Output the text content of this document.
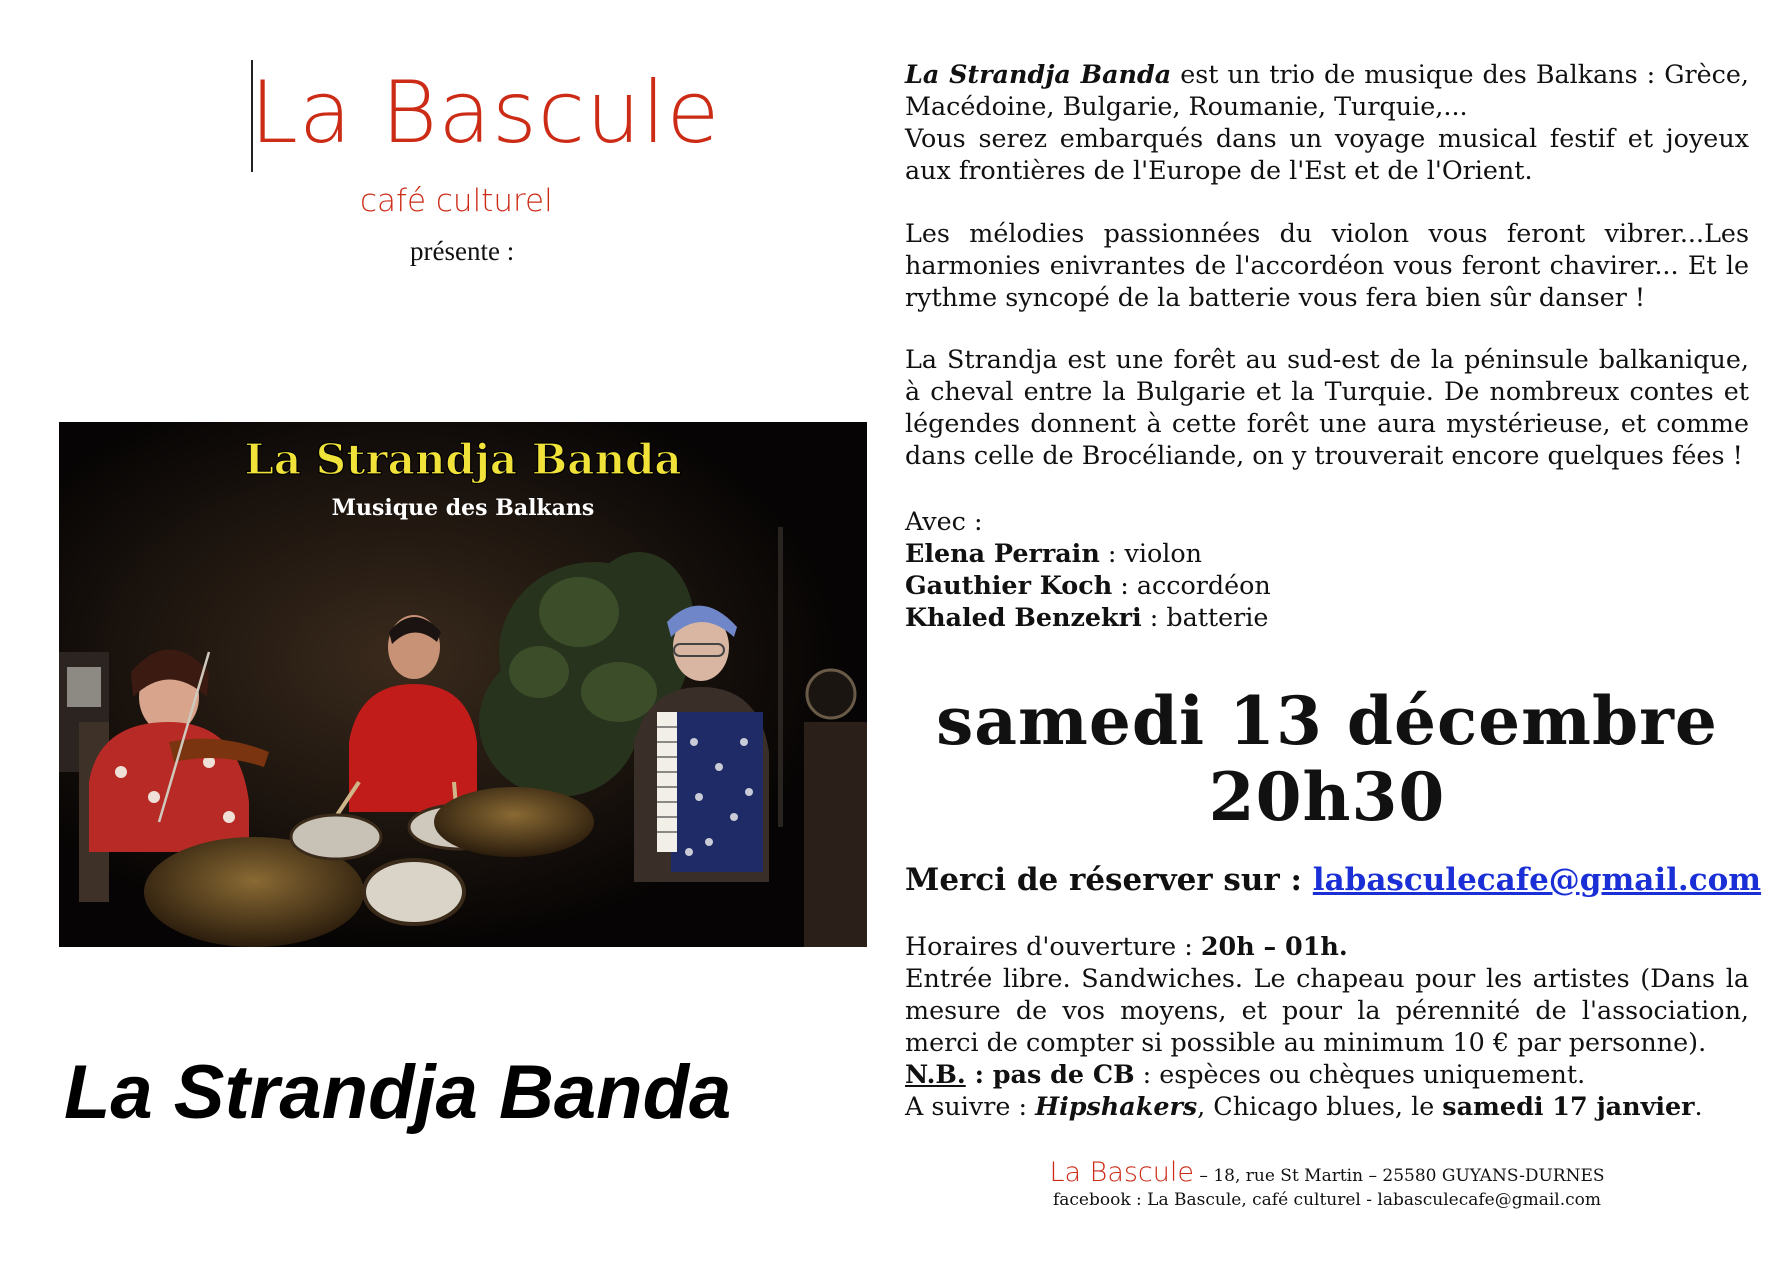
La Bascule
café culturel
présente :
La Strandja Banda
Musique des Balkans
La Strandja Banda

La Strandja Banda est un trio de musique des Balkans : Grèce, Macédoine, Bulgarie, Roumanie, Turquie,...

Vous serez embarqués dans un voyage musical festif et joyeux aux frontières de l'Europe de l'Est et de l'Orient.

Les mélodies passionnées du violon vous feront vibrer...Les harmonies enivrantes de l'accordéon vous feront chavirer... Et le rythme syncopé de la batterie vous fera bien sûr danser !
La Strandja est une forêt au sud-est de la péninsule balkanique, à cheval entre la Bulgarie et la Turquie. De nombreux contes et légendes donnent à cette forêt une aura mystérieuse, et comme dans celle de Brocéliande, on y trouverait encore quelques fées !

Avec :

Elena Perrain : violon

Gauthier Koch : accordéon

Khaled Benzekri : batterie

samedi 13 décembre
20h30
Merci de réserver sur : labasculecafe@gmail.com

Horaires d'ouverture : 20h – 01h.

Entrée libre. Sandwiches. Le chapeau pour les artistes (Dans la mesure de vos moyens, et pour la pérennité de l'association, merci de compter si possible au minimum 10 € par personne).

N.B. : pas de CB : espèces ou chèques uniquement.

A suivre : Hipshakers, Chicago blues, le samedi 17 janvier.

La Bascule – 18, rue St Martin – 25580 GUYANS-DURNES
facebook : La Bascule, café culturel - labasculecafe@gmail.com
